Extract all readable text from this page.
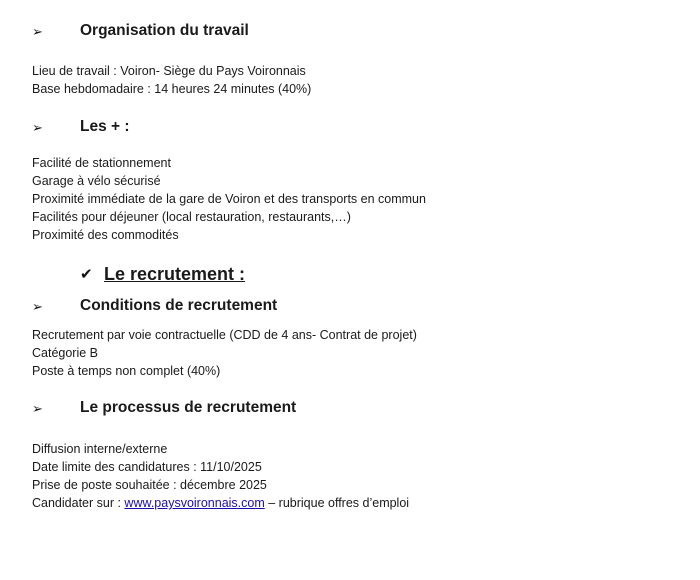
➢	Organisation du travail
Lieu de travail : Voiron- Siège du Pays Voironnais
Base hebdomadaire : 14 heures 24 minutes (40%)
➢	Les + :
Facilité de stationnement
Garage à vélo sécurisé
Proximité immédiate de la gare de Voiron et des transports en commun
Facilités pour déjeuner (local restauration, restaurants,…)
Proximité des commodités
✔ Le recrutement :
➢	Conditions de recrutement
Recrutement par voie contractuelle (CDD de 4 ans- Contrat de projet)
Catégorie B
Poste à temps non complet (40%)
➢	Le processus de recrutement
Diffusion interne/externe
Date limite des candidatures : 11/10/2025
Prise de poste souhaitée : décembre 2025
Candidater sur : www.paysvoironnais.com – rubrique offres d’emploi
